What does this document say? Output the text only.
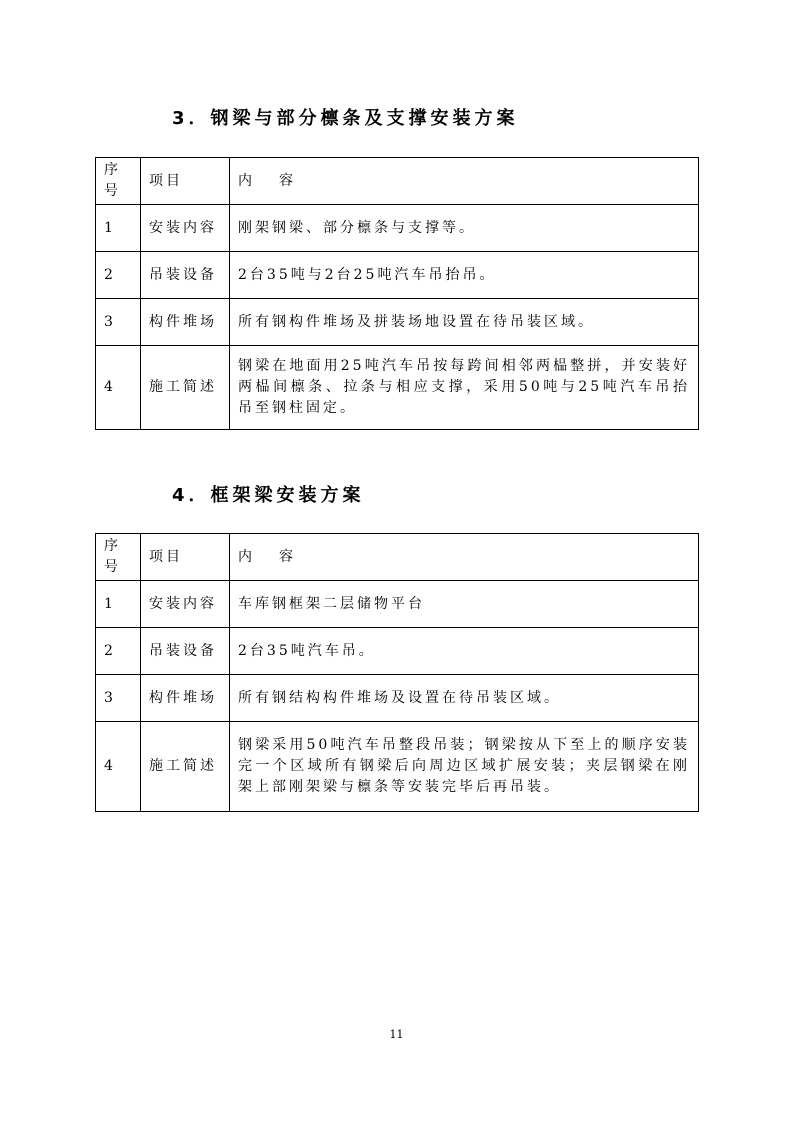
3．钢梁与部分檩条及支撑安装方案
序号	项目	内 容
1	安装内容	刚架钢梁、部分檩条与支撑等。
2	吊装设备	2台35吨与2台25吨汽车吊抬吊。
3	构件堆场	所有钢构件堆场及拼装场地设置在待吊装区域。
4	施工简述	钢梁在地面用25吨汽车吊按每跨间相邻两榀整拼，并安装好两榀间檩条、拉条与相应支撑，采用50吨与25吨汽车吊抬吊至钢柱固定。
4．框架梁安装方案
序号	项目	内 容
1	安装内容	车库钢框架二层储物平台
2	吊装设备	2台35吨汽车吊。
3	构件堆场	所有钢结构构件堆场及设置在待吊装区域。
4	施工简述	钢梁采用50吨汽车吊整段吊装；钢梁按从下至上的顺序安装完一个区域所有钢梁后向周边区域扩展安装；夹层钢梁在刚架上部刚架梁与檩条等安装完毕后再吊装。
11
